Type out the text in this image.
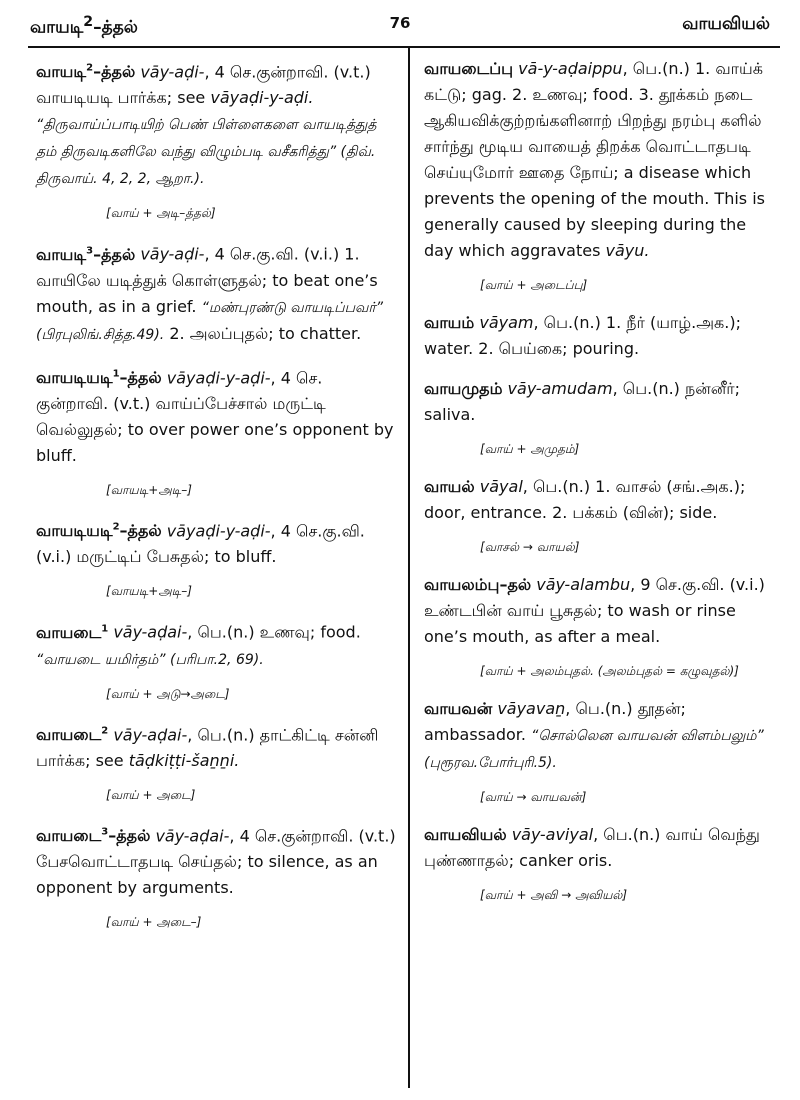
வாயடி$^2$–த்தல்	76	வாயவியல்
வாயடி$^2$–த்தல் vāy-aḍi-, 4 செ.குன்றாவி. (v.t.) வாயடியடி பார்க்க; see vāyaḍi-y-aḍi. “திருவாய்ப்பாடியிற் பெண் பிள்ளைகளை வாயடித்துத் தம் திருவடிகளிலே வந்து விழும்படி வசீகரித்து” (திவ். திருவாய். 4, 2, 2, ஆறா.).
[வாய் + அடி–த்தல்]
வாயடி$^3$–த்தல் vāy-aḍi-, 4 செ.கு.வி. (v.i.) 1. வாயிலே யடித்துக் கொள்ளுதல்; to beat one’s mouth, as in a grief. “மண்புரண்டு வாயடிப்பவர்” (பிரபுலிங்.சித்த.49). 2. அலப்புதல்; to chatter.
வாயடியடி$^1$–த்தல் vāyaḍi-y-aḍi-, 4 செ. குன்றாவி. (v.t.) வாய்ப்பேச்சால் மருட்டி வெல்லுதல்; to over power one’s opponent by bluff.
[வாயடி+அடி–]
வாயடியடி$^2$–த்தல் vāyaḍi-y-aḍi-, 4 செ.கு.வி. (v.i.) மருட்டிப் பேசுதல்; to bluff.
[வாயடி+அடி–]
வாயடை$^1$ vāy-aḍai-, பெ.(n.) உணவு; food. “வாயடை யமிர்தம்” (பரிபா.2, 69).
[வாய் + அடு→அடை]
வாயடை$^2$ vāy-aḍai-, பெ.(n.) தாட்கிட்டி சன்னி பார்க்க; see tāḍkiṭṭi-šaṉṉi.
[வாய் + அடை]
வாயடை$^3$–த்தல் vāy-aḍai-, 4 செ.குன்றாவி. (v.t.) பேசவொட்டாதபடி செய்தல்; to silence, as an opponent by arguments.
[வாய் + அடை–]
வாயடைப்பு vā-y-aḍaippu, பெ.(n.) 1. வாய்க் கட்டு; gag. 2. உணவு; food. 3. தூக்கம் நடை ஆகியவிக்குற்றங்களினாற் பிறந்து நரம்பு களில் சார்ந்து மூடிய வாயைத் திறக்க வொட்டாதபடி செய்யுமோர் ஊதை நோய்; a disease which prevents the opening of the mouth. This is generally caused by sleeping during the day which aggravates vāyu.
[வாய் + அடைப்பு]
வாயம் vāyam, பெ.(n.) 1. நீர் (யாழ்.அக.); water. 2. பெய்கை; pouring.
வாயமுதம் vāy-amudam, பெ.(n.) நன்னீர்; saliva.
[வாய் + அமுதம்]
வாயல் vāyal, பெ.(n.) 1. வாசல் (சங்.அக.); door, entrance. 2. பக்கம் (வின்); side.
[வாசல் → வாயல்]
வாயலம்பு–தல் vāy-alambu, 9 செ.கு.வி. (v.i.) உண்டபின் வாய் பூசுதல்; to wash or rinse one’s mouth, as after a meal.
[வாய் + அலம்புதல். (அலம்புதல் = கழுவுதல்)]
வாயவன் vāyavaṉ, பெ.(n.) தூதன்; ambassador. “சொல்லென வாயவன் விளம்பலும்” (புரூரவ.போர்புரி.5).
[வாய் → வாயவன்]
வாயவியல் vāy-aviyal, பெ.(n.) வாய் வெந்து புண்ணாதல்; canker oris.
[வாய் + அவி → அவியல்]
